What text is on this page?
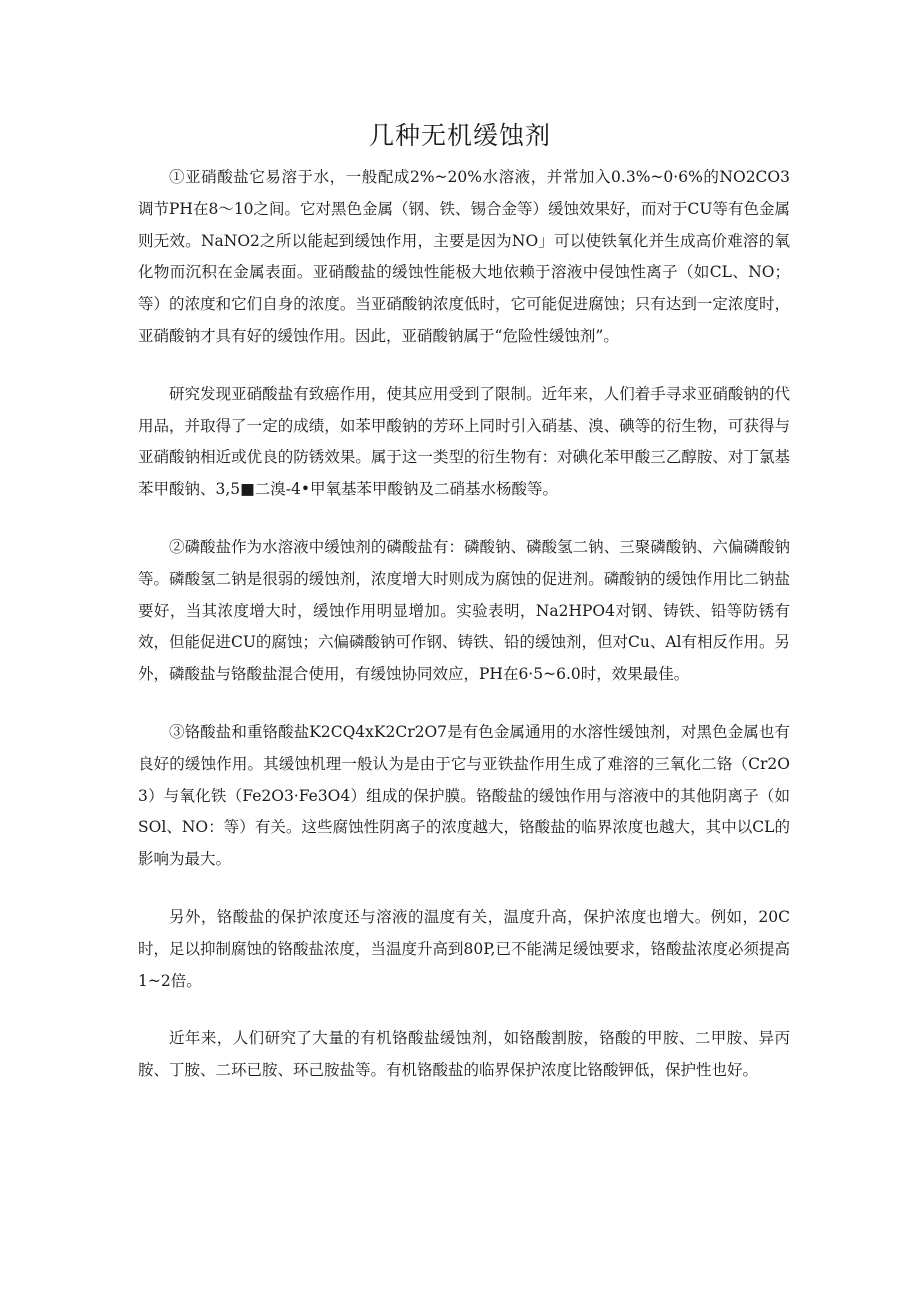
几种无机缓蚀剂

①亚硝酸盐它易溶于水，一般配成2%~20%水溶液，并常加入0.3%~0·6%的NO2CO3调节PH在8～10之间。它对黑色金属（钢、铁、锡合金等）缓蚀效果好，而对于CU等有色金属则无效。NaNO2之所以能起到缓蚀作用，主要是因为NO」可以使铁氧化并生成高价难溶的氧化物而沉积在金属表面。亚硝酸盐的缓蚀性能极大地依赖于溶液中侵蚀性离子（如CL、NO；等）的浓度和它们自身的浓度。当亚硝酸钠浓度低时，它可能促进腐蚀；只有达到一定浓度时，亚硝酸钠才具有好的缓蚀作用。因此，亚硝酸钠属于“危险性缓蚀剂”。

研究发现亚硝酸盐有致癌作用，使其应用受到了限制。近年来，人们着手寻求亚硝酸钠的代用品，并取得了一定的成绩，如苯甲酸钠的芳环上同时引入硝基、溴、碘等的衍生物，可获得与亚硝酸钠相近或优良的防锈效果。属于这一类型的衍生物有：对碘化苯甲酸三乙醇胺、对丁氯基苯甲酸钠、3,5■二溴-4•甲氧基苯甲酸钠及二硝基水杨酸等。

②磷酸盐作为水溶液中缓蚀剂的磷酸盐有：磷酸钠、磷酸氢二钠、三聚磷酸钠、六偏磷酸钠等。磷酸氢二钠是很弱的缓蚀剂，浓度增大时则成为腐蚀的促进剂。磷酸钠的缓蚀作用比二钠盐要好，当其浓度增大时，缓蚀作用明显增加。实验表明，Na2HPO4对钢、铸铁、铅等防锈有效，但能促进CU的腐蚀；六偏磷酸钠可作钢、铸铁、铅的缓蚀剂，但对Cu、Al有相反作用。另外，磷酸盐与铬酸盐混合使用，有缓蚀协同效应，PH在6·5~6.0时，效果最佳。

③铬酸盐和重铬酸盐K2CQ4xK2Cr2O7是有色金属通用的水溶性缓蚀剂，对黑色金属也有良好的缓蚀作用。其缓蚀机理一般认为是由于它与亚铁盐作用生成了难溶的三氧化二铬（Cr2O3）与氧化铁（Fe2O3·Fe3O4）组成的保护膜。铬酸盐的缓蚀作用与溶液中的其他阴离子（如SOl、NO：等）有关。这些腐蚀性阴离子的浓度越大，铬酸盐的临界浓度也越大，其中以CL的影响为最大。

另外，铬酸盐的保护浓度还与溶液的温度有关，温度升高，保护浓度也增大。例如，20C时，足以抑制腐蚀的铬酸盐浓度，当温度升高到80P,已不能满足缓蚀要求，铬酸盐浓度必须提高1~2倍。

近年来，人们研究了大量的有机铬酸盐缓蚀剂，如铬酸割胺，铬酸的甲胺、二甲胺、异丙胺、丁胺、二环已胺、环己胺盐等。有机铬酸盐的临界保护浓度比铬酸钾低，保护性也好。
